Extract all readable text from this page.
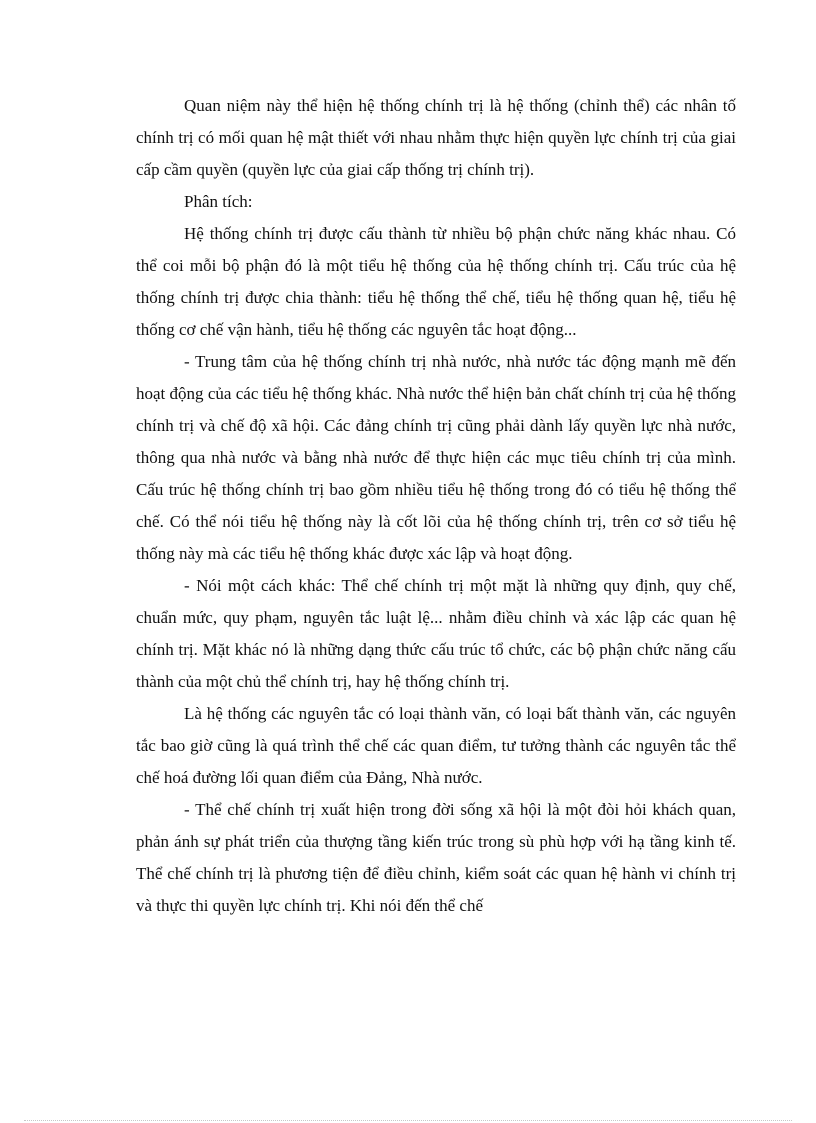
Quan niệm này thể hiện hệ thống chính trị là hệ thống (chỉnh thể) các nhân tố chính trị có mối quan hệ mật thiết với nhau nhằm thực hiện quyền lực chính trị của giai cấp cầm quyền (quyền lực của giai cấp thống trị chính trị).

Phân tích:

Hệ thống chính trị được cấu thành từ nhiều bộ phận chức năng khác nhau. Có thể coi mỗi bộ phận đó là một tiểu hệ thống của hệ thống chính trị. Cấu trúc của hệ thống chính trị được chia thành: tiểu hệ thống thể chế, tiểu hệ thống quan hệ, tiểu hệ thống cơ chế vận hành, tiểu hệ thống các nguyên tắc hoạt động...

- Trung tâm của hệ thống chính trị nhà nước, nhà nước tác động mạnh mẽ đến hoạt động của các tiểu hệ thống khác. Nhà nước thể hiện bản chất chính trị của hệ thống chính trị và chế độ xã hội. Các đảng chính trị cũng phải dành lấy quyền lực nhà nước, thông qua nhà nước và bằng nhà nước để thực hiện các mục tiêu chính trị của mình. Cấu trúc hệ thống chính trị bao gồm nhiều tiểu hệ thống trong đó có tiểu hệ thống thể chế. Có thể nói tiểu hệ thống này là cốt lõi của hệ thống chính trị, trên cơ sở tiểu hệ thống này mà các tiểu hệ thống khác được xác lập và hoạt động.

- Nói một cách khác: Thể chế chính trị một mặt là những quy định, quy chế, chuẩn mức, quy phạm, nguyên tắc luật lệ... nhằm điều chỉnh và xác lập các quan hệ chính trị. Mặt khác nó là những dạng thức cấu trúc tổ chức, các bộ phận chức năng cấu thành của một chủ thể chính trị, hay hệ thống chính trị.

Là hệ thống các nguyên tắc có loại thành văn, có loại bất thành văn, các nguyên tắc bao giờ cũng là quá trình thể chế các quan điểm, tư tưởng thành các nguyên tắc thể chế hoá đường lối quan điểm của Đảng, Nhà nước.

- Thể chế chính trị xuất hiện trong đời sống xã hội là một đòi hỏi khách quan, phản ánh sự phát triển của thượng tầng kiến trúc trong sù phù hợp với hạ tầng kinh tế. Thể chế chính trị là phương tiện để điều chỉnh, kiểm soát các quan hệ hành vi chính trị và thực thi quyền lực chính trị. Khi nói đến thể chế
